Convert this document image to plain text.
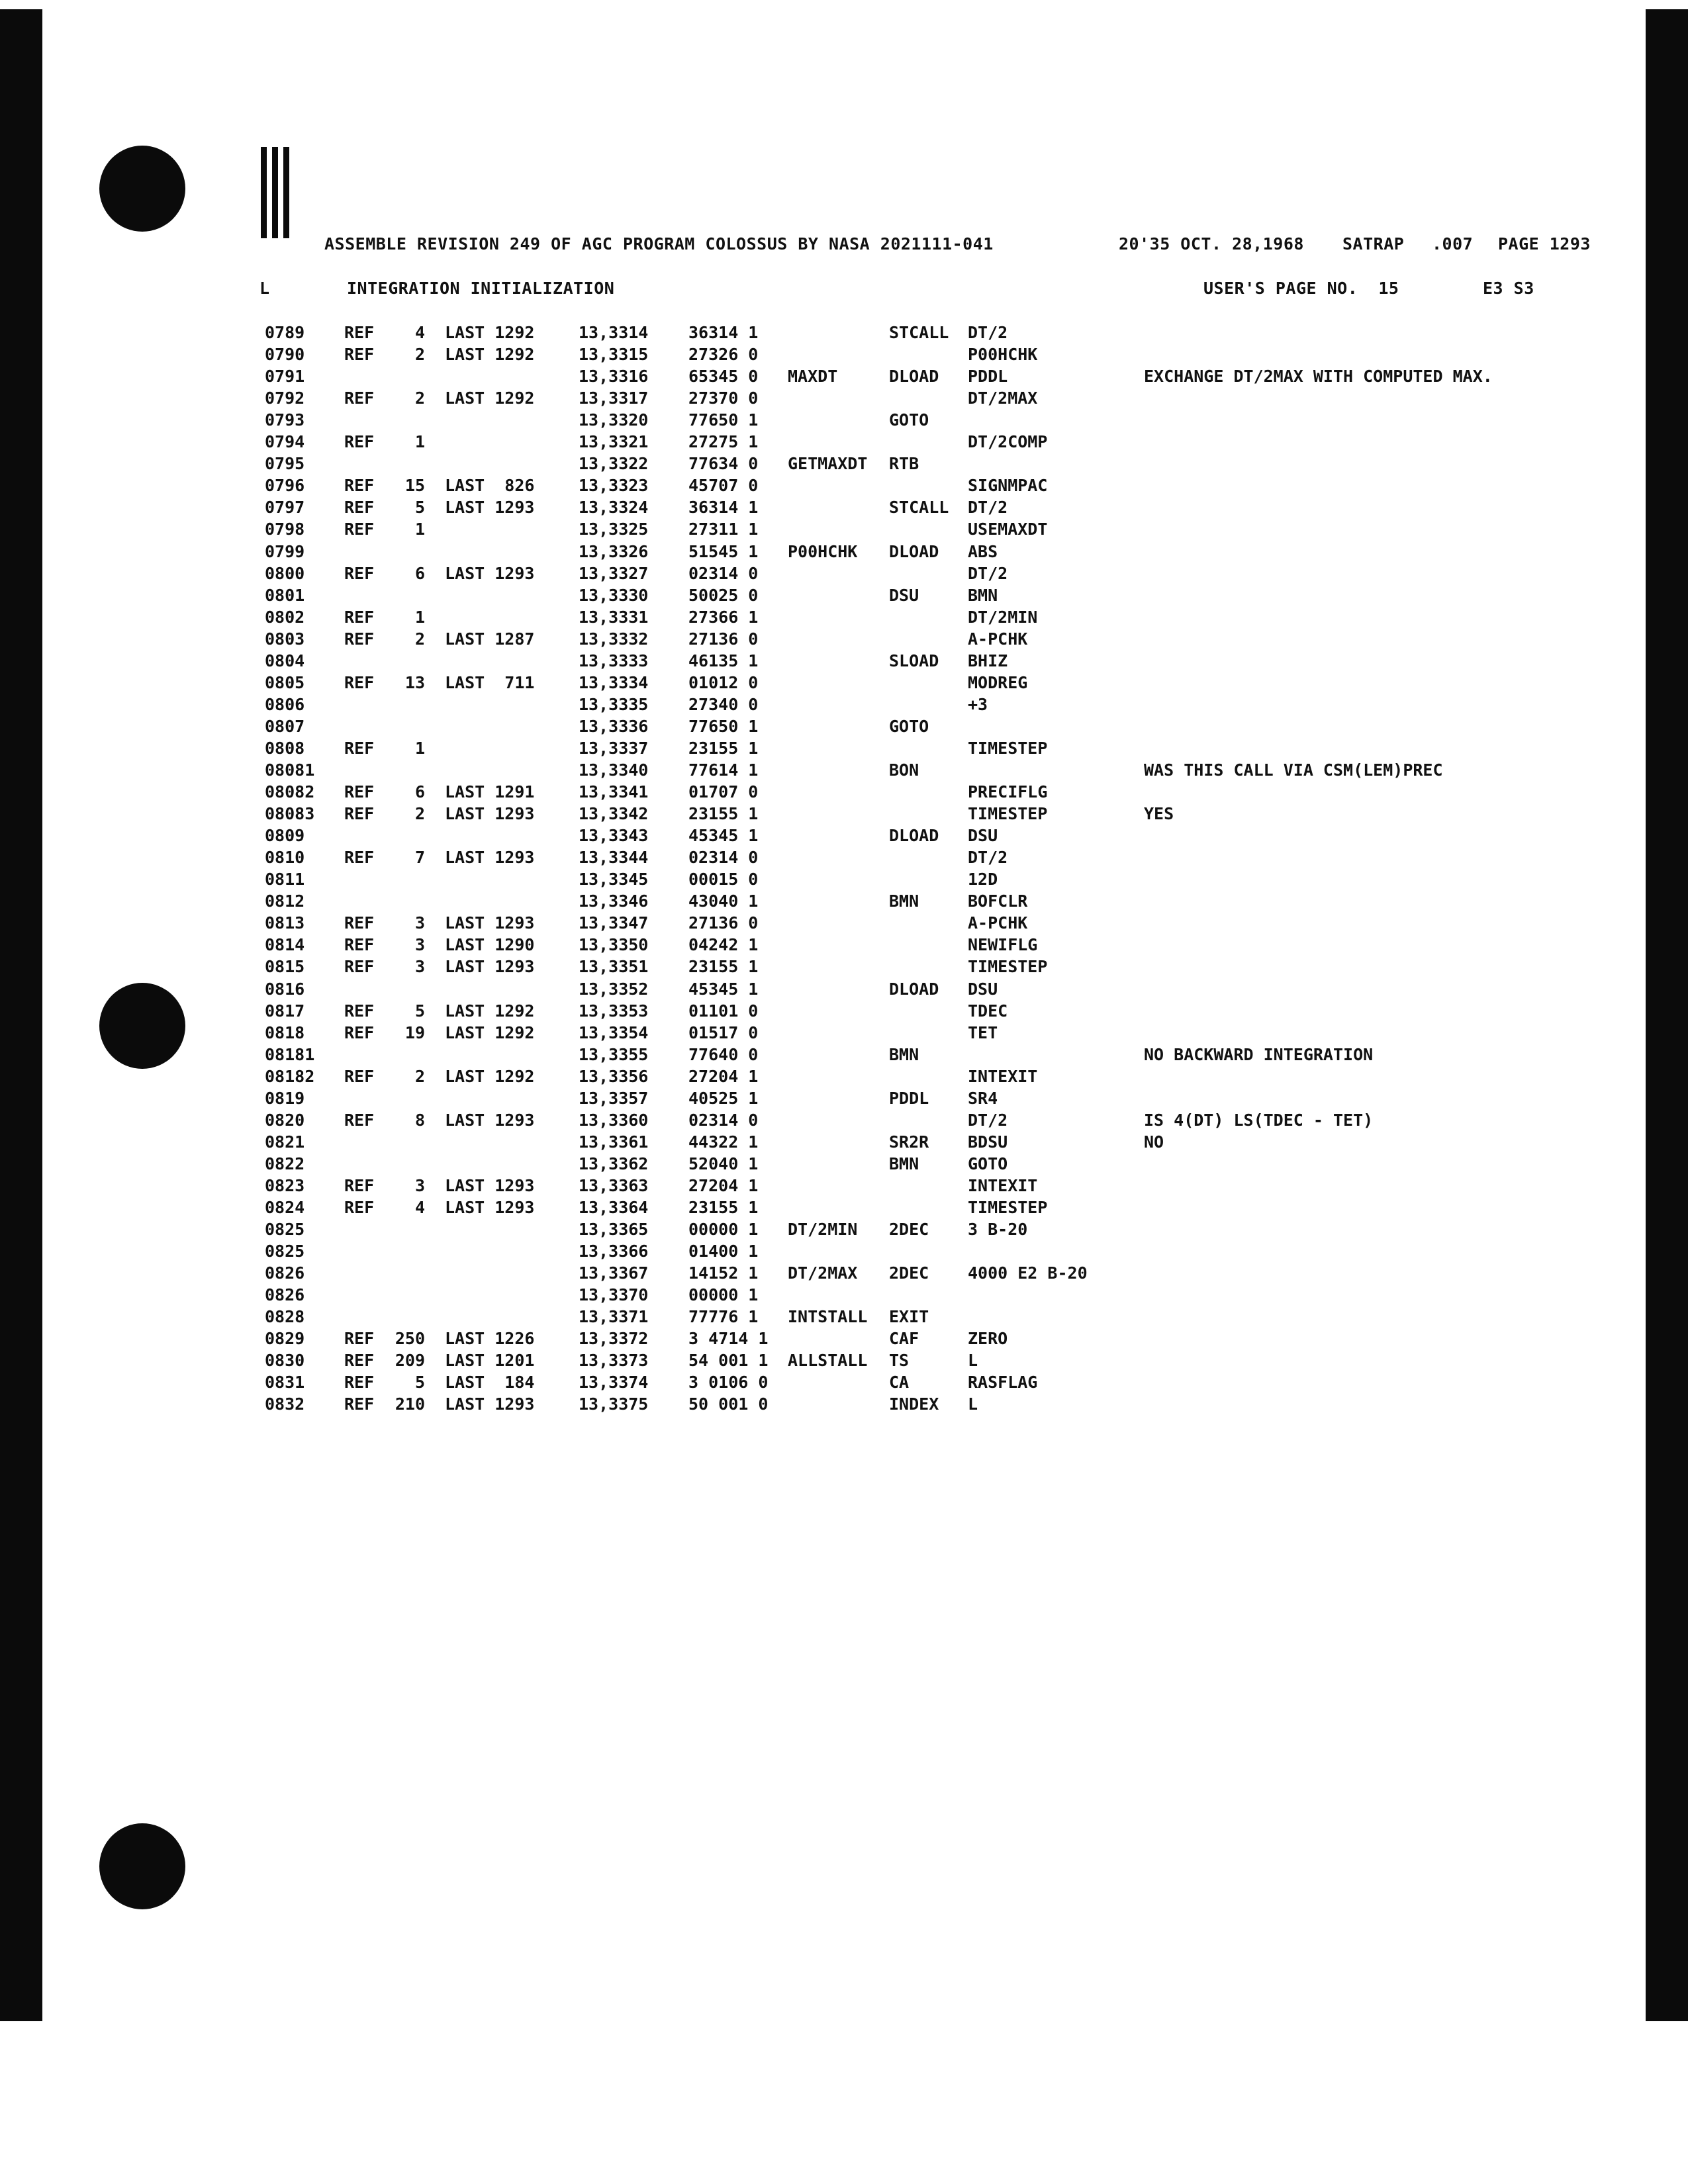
ASSEMBLE REVISION 249 OF AGC PROGRAM COLOSSUS BY NASA 2021111-041	20'35 OCT. 28,1968 SATRAP .007 PAGE 1293
L	INTEGRATION INITIALIZATION	USER'S PAGE NO.  15	E3 S3
0789 REF	4 LAST 1292	13,3314 36314 1	STCALL DT/2
0790 REF	2 LAST 1292	13,3315 27326 0	P00HCHK
0791	13,3316 65345 0 MAXDT	DLOAD PDDL	EXCHANGE DT/2MAX WITH COMPUTED MAX.
0792 REF	2 LAST 1292	13,3317 27370 0	DT/2MAX
0793	13,3320 77650 1	GOTO
0794 REF	1	13,3321 27275 1	DT/2COMP
0795	13,3322 77634 0 GETMAXDT RTB
0796 REF	15 LAST  826	13,3323 45707 0	SIGNMPAC
0797 REF	5 LAST 1293	13,3324 36314 1	STCALL DT/2
0798 REF	1	13,3325 27311 1	USEMAXDT
0799	13,3326 51545 1 P00HCHK DLOAD ABS
0800 REF	6 LAST 1293	13,3327 02314 0	DT/2
0801	13,3330 50025 0	DSU	BMN
0802 REF	1	13,3331 27366 1	DT/2MIN
0803 REF	2 LAST 1287	13,3332 27136 0	A-PCHK
0804	13,3333 46135 1	SLOAD BHIZ
0805 REF	13 LAST  711	13,3334 01012 0	MODREG
0806	13,3335 27340 0	+3
0807	13,3336 77650 1	GOTO
0808 REF	1	13,3337 23155 1	TIMESTEP
08081	13,3340 77614 1	BON	WAS THIS CALL VIA CSM(LEM)PREC
08082 REF	6 LAST 1291	13,3341 01707 0	PRECIFLG
08083 REF	2 LAST 1293	13,3342 23155 1	TIMESTEP	YES
0809	13,3343 45345 1	DLOAD DSU
0810 REF	7 LAST 1293	13,3344 02314 0	DT/2
0811	13,3345 00015 0	12D
0812	13,3346 43040 1	BMN	BOFCLR
0813 REF	3 LAST 1293	13,3347 27136 0	A-PCHK
0814 REF	3 LAST 1290	13,3350 04242 1	NEWIFLG
0815 REF	3 LAST 1293	13,3351 23155 1	TIMESTEP
0816	13,3352 45345 1	DLOAD DSU
0817 REF	5 LAST 1292	13,3353 01101 0	TDEC
0818 REF	19 LAST 1292	13,3354 01517 0	TET
08181	13,3355 77640 0	BMN	NO BACKWARD INTEGRATION
08182 REF	2 LAST 1292	13,3356 27204 1	INTEXIT
0819	13,3357 40525 1	PDDL SR4
0820 REF	8 LAST 1293	13,3360 02314 0	DT/2	IS 4(DT) LS(TDEC - TET)
0821	13,3361 44322 1	SR2R BDSU	NO
0822	13,3362 52040 1	BMN	GOTO
0823 REF	3 LAST 1293	13,3363 27204 1	INTEXIT
0824 REF	4 LAST 1293	13,3364 23155 1	TIMESTEP
0825	13,3365 00000 1 DT/2MIN 2DEC 3 B-20
0825	13,3366 01400 1
0826	13,3367 14152 1 DT/2MAX 2DEC 4000 E2 B-20
0826	13,3370 00000 1
0828	13,3371 77776 1 INTSTALL EXIT
0829 REF	250 LAST 1226	13,3372 3 4714 1	CAF	ZERO
0830 REF	209 LAST 1201	13,3373 54 001 1 ALLSTALL TS	L
0831 REF	5 LAST  184	13,3374 3 0106 0	CA	RASFLAG
0832 REF	210 LAST 1293	13,3375 50 001 0	INDEX L
